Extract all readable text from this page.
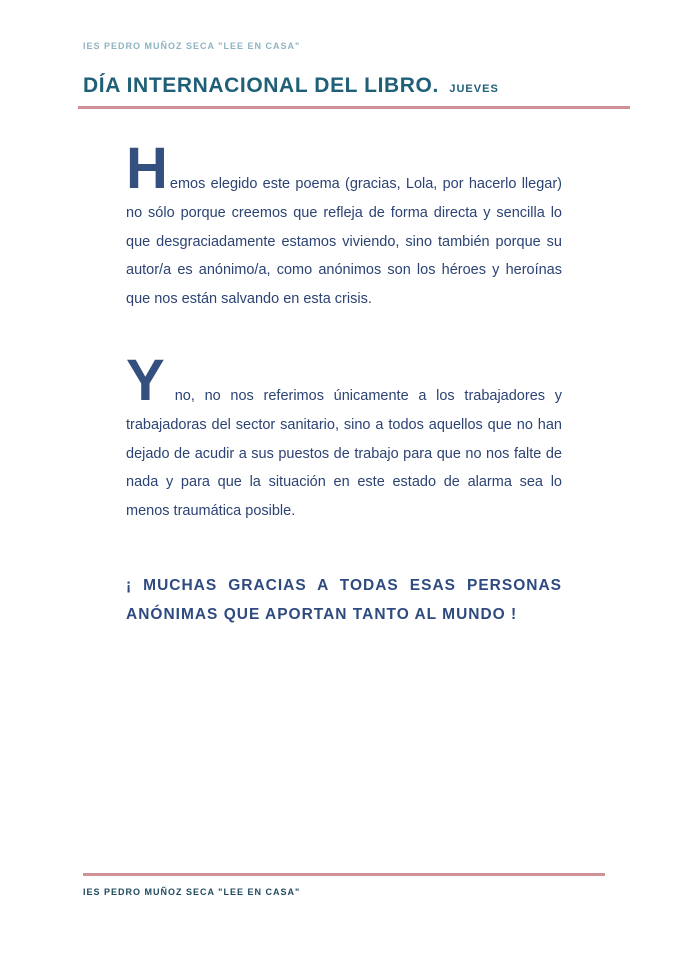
IES PEDRO MUÑOZ SECA "LEE EN CASA"
DÍA INTERNACIONAL DEL LIBRO. JUEVES
Hemos elegido este poema (gracias, Lola, por hacerlo llegar) no sólo porque creemos que refleja de forma directa y sencilla lo que desgraciadamente estamos viviendo, sino también porque su autor/a es anónimo/a, como anónimos son los héroes y heroínas que nos están salvando en esta crisis.
Yno, no nos referimos únicamente a los trabajadores y trabajadoras del sector sanitario, sino a todos aquellos que no han dejado de acudir a sus puestos de trabajo para que no nos falte de nada y para que la situación en este estado de alarma sea lo menos traumática posible.
¡ MUCHAS GRACIAS A TODAS ESAS PERSONAS ANÓNIMAS QUE APORTAN TANTO AL MUNDO !
IES PEDRO MUÑOZ SECA "LEE EN CASA"
